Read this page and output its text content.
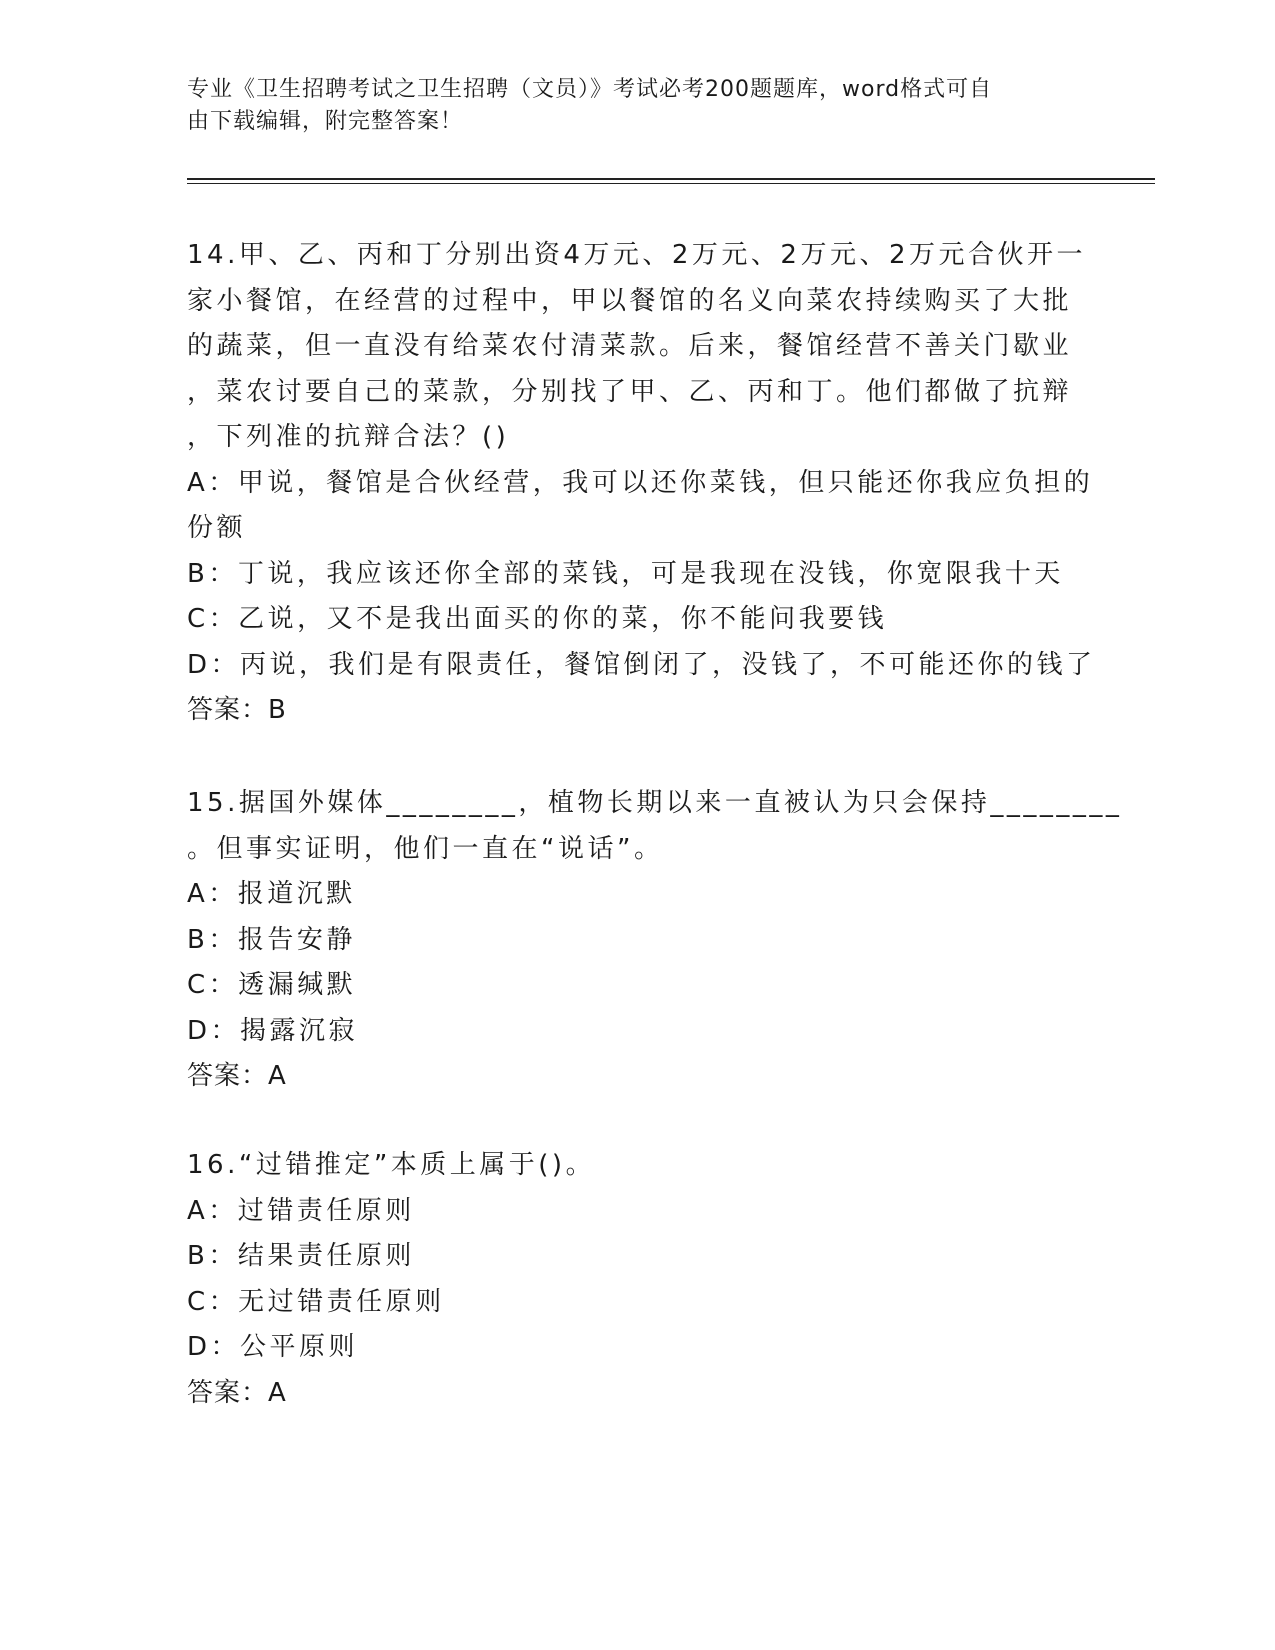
专业《卫生招聘考试之卫生招聘（文员）》考试必考200题题库，word格式可自
由下载编辑，附完整答案！
14.甲、乙、丙和丁分别出资4万元、2万元、2万元、2万元合伙开一
家小餐馆，在经营的过程中，甲以餐馆的名义向菜农持续购买了大批
的蔬菜，但一直没有给菜农付清菜款。后来，餐馆经营不善关门歇业
，菜农讨要自己的菜款，分别找了甲、乙、丙和丁。他们都做了抗辩
，下列准的抗辩合法？()
A：甲说，餐馆是合伙经营，我可以还你菜钱，但只能还你我应负担的
份额
B：丁说，我应该还你全部的菜钱，可是我现在没钱，你宽限我十天
C：乙说，又不是我出面买的你的菜，你不能问我要钱
D：丙说，我们是有限责任，餐馆倒闭了，没钱了，不可能还你的钱了
答案：B
15.据国外媒体________，植物长期以来一直被认为只会保持________
。但事实证明，他们一直在“说话”。
A：报道沉默
B：报告安静
C：透漏缄默
D：揭露沉寂
答案：A
16.“过错推定”本质上属于()。
A：过错责任原则
B：结果责任原则
C：无过错责任原则
D：公平原则
答案：A
